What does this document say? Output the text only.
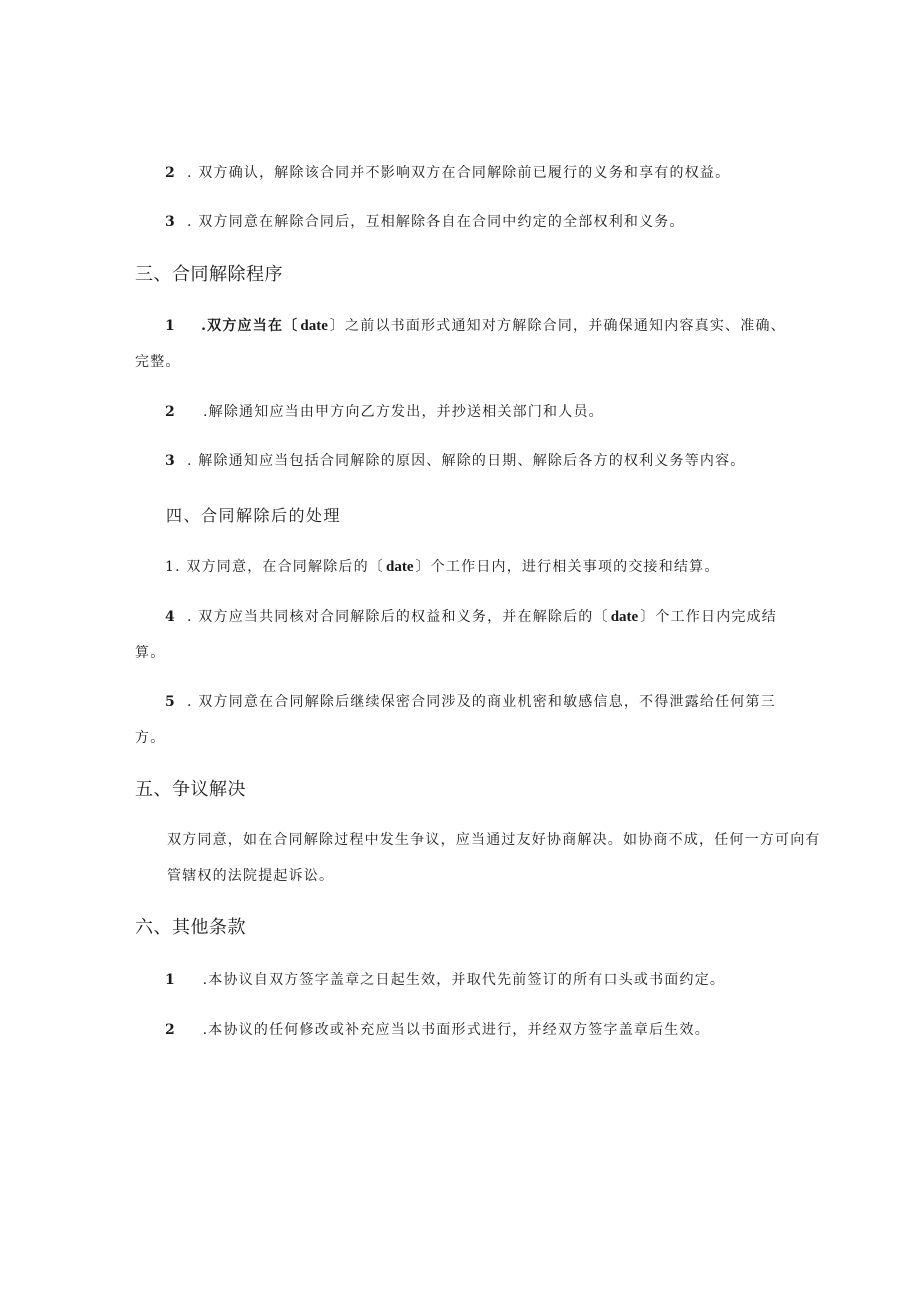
2 . 双方确认，解除该合同并不影响双方在合同解除前已履行的义务和享有的权益。
3 . 双方同意在解除合同后，互相解除各自在合同中约定的全部权利和义务。
三、合同解除程序
1 .双方应当在〔 date 〕之前以书面形式通知对方解除合同，并确保通知内容真实、准确、完整。
2 .解除通知应当由甲方向乙方发出，并抄送相关部门和人员。
3 . 解除通知应当包括合同解除的原因、解除的日期、解除后各方的权利义务等内容。
四、合同解除后的处理
1. 双方同意，在合同解除后的〔 date 〕个工作日内，进行相关事项的交接和结算。
4 . 双方应当共同核对合同解除后的权益和义务，并在解除后的〔 date 〕个工作日内完成结算。
5 . 双方同意在合同解除后继续保密合同涉及的商业机密和敏感信息，不得泄露给任何第三方。
五、争议解决
双方同意，如在合同解除过程中发生争议，应当通过友好协商解决。如协商不成，任何一方可向有管辖权的法院提起诉讼。
六、其他条款
1 .本协议自双方签字盖章之日起生效，并取代先前签订的所有口头或书面约定。
2 .本协议的任何修改或补充应当以书面形式进行，并经双方签字盖章后生效。
